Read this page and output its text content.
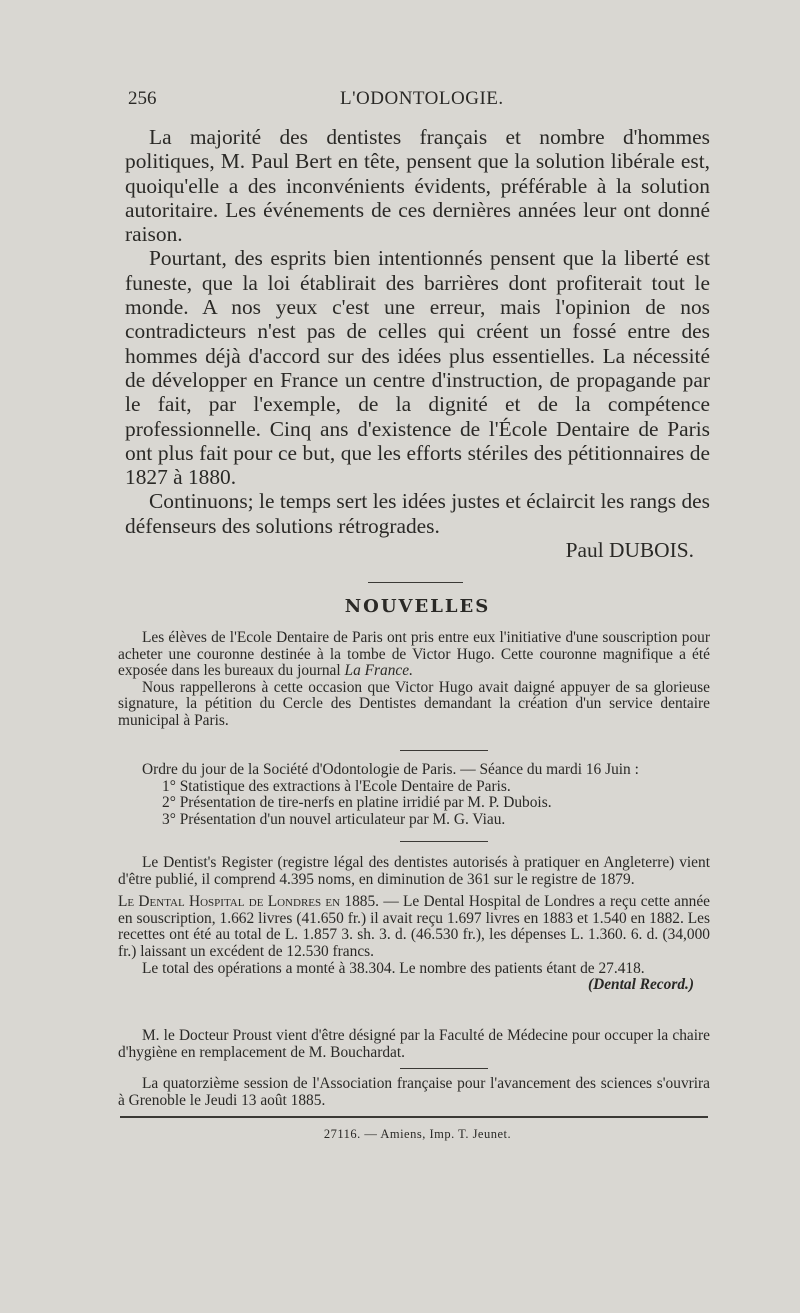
256	L'ODONTOLOGIE.

La majorité des dentistes français et nombre d'hommes politiques, M. Paul Bert en tête, pensent que la solution libérale est, quoiqu'elle a des inconvénients évidents, préférable à la solution autoritaire. Les événements de ces dernières années leur ont donné raison.

Pourtant, des esprits bien intentionnés pensent que la liberté est funeste, que la loi établirait des barrières dont profiterait tout le monde. A nos yeux c'est une erreur, mais l'opinion de nos contradicteurs n'est pas de celles qui créent un fossé entre des hommes déjà d'accord sur des idées plus essentielles. La nécessité de développer en France un centre d'instruction, de propagande par le fait, par l'exemple, de la dignité et de la compétence professionnelle. Cinq ans d'existence de l'École Dentaire de Paris ont plus fait pour ce but, que les efforts stériles des pétitionnaires de 1827 à 1880.

Continuons; le temps sert les idées justes et éclaircit les rangs des défenseurs des solutions rétrogrades.

Paul DUBOIS.

NOUVELLES

Les élèves de l'Ecole Dentaire de Paris ont pris entre eux l'initiative d'une souscription pour acheter une couronne destinée à la tombe de Victor Hugo. Cette couronne magnifique a été exposée dans les bureaux du journal La France.

Nous rappellerons à cette occasion que Victor Hugo avait daigné appuyer de sa glorieuse signature, la pétition du Cercle des Dentistes demandant la création d'un service dentaire municipal à Paris.

Ordre du jour de la Société d'Odontologie de Paris. — Séance du mardi 16 Juin :

1° Statistique des extractions à l'Ecole Dentaire de Paris.

2° Présentation de tire-nerfs en platine irridié par M. P. Dubois.

3° Présentation d'un nouvel articulateur par M. G. Viau.

Le Dentist's Register (registre légal des dentistes autorisés à pratiquer en Angleterre) vient d'être publié, il comprend 4.395 noms, en diminution de 361 sur le registre de 1879.

Le Dental Hospital de Londres en 1885. — Le Dental Hospital de Londres a reçu cette année en souscription, 1.662 livres (41.650 fr.) il avait reçu 1.697 livres en 1883 et 1.540 en 1882. Les recettes ont été au total de L. 1.857 3. sh. 3. d. (46.530 fr.), les dépenses L. 1.360. 6. d. (34,000 fr.) laissant un excédent de 12.530 francs.

Le total des opérations a monté à 38.304. Le nombre des patients étant de 27.418.
(Dental Record.)

M. le Docteur Proust vient d'être désigné par la Faculté de Médecine pour occuper la chaire d'hygiène en remplacement de M. Bouchardat.

La quatorzième session de l'Association française pour l'avancement des sciences s'ouvrira à Grenoble le Jeudi 13 août 1885.

27116. — Amiens, Imp. T. Jeunet.
